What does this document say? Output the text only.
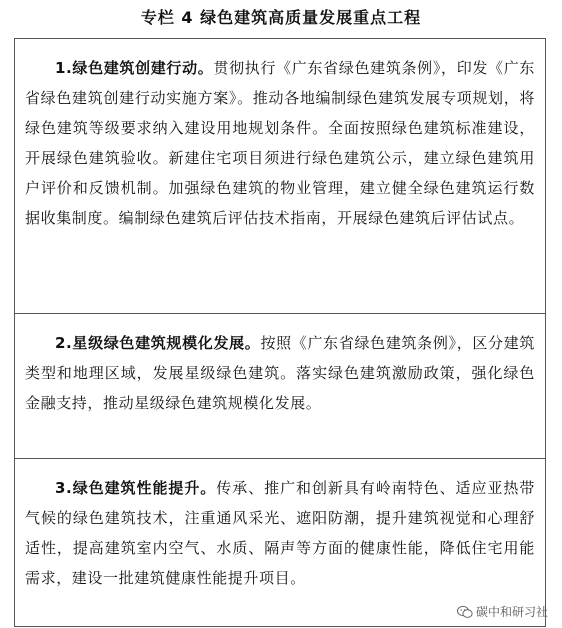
专栏 4 绿色建筑高质量发展重点工程
1.绿色建筑创建行动。贯彻执行《广东省绿色建筑条例》，印发《广东省绿色建筑创建行动实施方案》。推动各地编制绿色建筑发展专项规划，将绿色建筑等级要求纳入建设用地规划条件。全面按照绿色建筑标准建设，开展绿色建筑验收。新建住宅项目须进行绿色建筑公示，建立绿色建筑用户评价和反馈机制。加强绿色建筑的物业管理，建立健全绿色建筑运行数据收集制度。编制绿色建筑后评估技术指南，开展绿色建筑后评估试点。
2.星级绿色建筑规模化发展。按照《广东省绿色建筑条例》，区分建筑类型和地理区域，发展星级绿色建筑。落实绿色建筑激励政策，强化绿色金融支持，推动星级绿色建筑规模化发展。
3.绿色建筑性能提升。传承、推广和创新具有岭南特色、适应亚热带气候的绿色建筑技术，注重通风采光、遮阳防潮，提升建筑视觉和心理舒适性，提高建筑室内空气、水质、隔声等方面的健康性能，降低住宅用能需求，建设一批建筑健康性能提升项目。
碳中和研习社
